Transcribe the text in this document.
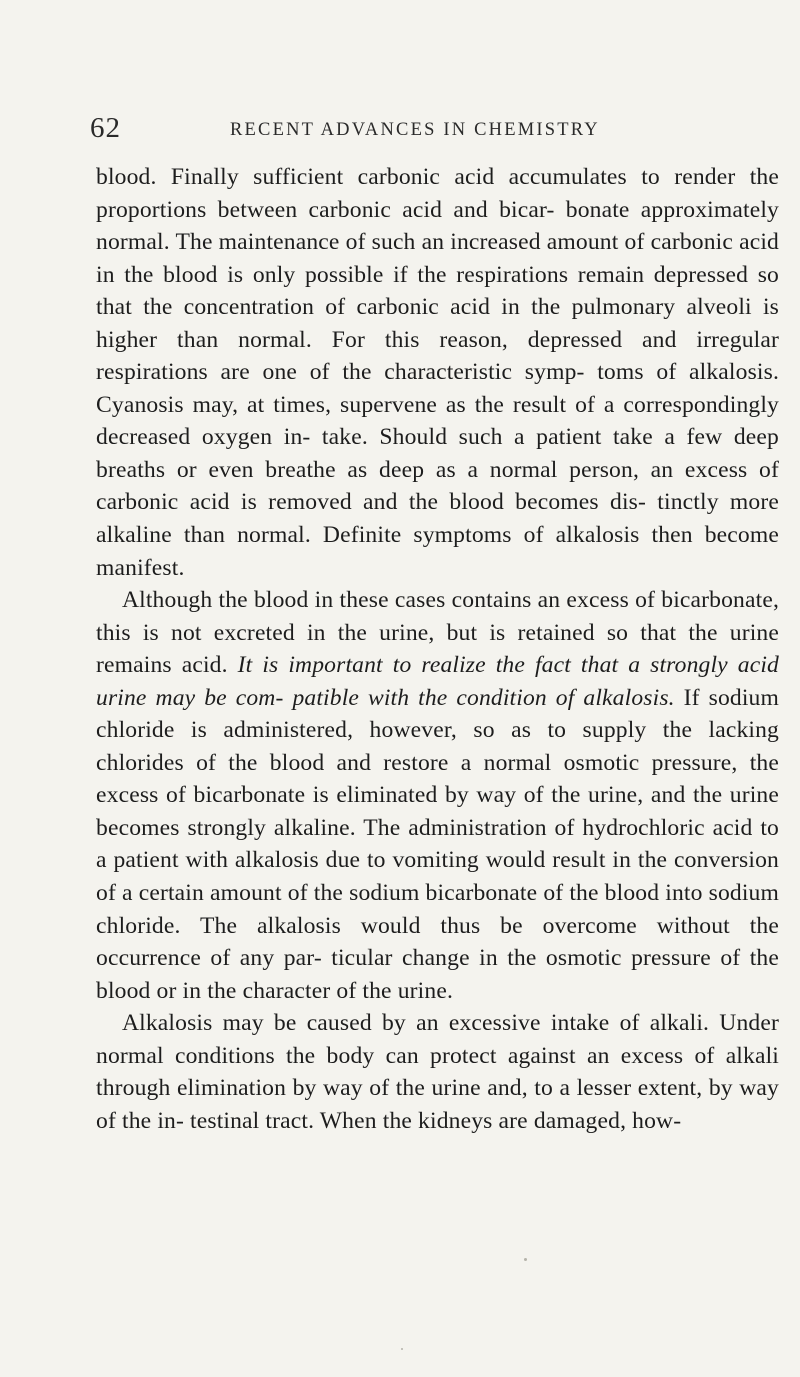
62	RECENT ADVANCES IN CHEMISTRY

blood. Finally sufficient carbonic acid accumulates to render the proportions between carbonic acid and bicar- bonate approximately normal. The maintenance of such an increased amount of carbonic acid in the blood is only possible if the respirations remain depressed so that the concentration of carbonic acid in the pulmonary alveoli is higher than normal. For this reason, depressed and irregular respirations are one of the characteristic symp- toms of alkalosis. Cyanosis may, at times, supervene as the result of a correspondingly decreased oxygen in- take. Should such a patient take a few deep breaths or even breathe as deep as a normal person, an excess of carbonic acid is removed and the blood becomes dis- tinctly more alkaline than normal. Definite symptoms of alkalosis then become manifest.

Although the blood in these cases contains an excess of bicarbonate, this is not excreted in the urine, but is retained so that the urine remains acid. It is important to realize the fact that a strongly acid urine may be com- patible with the condition of alkalosis. If sodium chloride is administered, however, so as to supply the lacking chlorides of the blood and restore a normal osmotic pressure, the excess of bicarbonate is eliminated by way of the urine, and the urine becomes strongly alkaline. The administration of hydrochloric acid to a patient with alkalosis due to vomiting would result in the conversion of a certain amount of the sodium bicarbonate of the blood into sodium chloride. The alkalosis would thus be overcome without the occurrence of any par- ticular change in the osmotic pressure of the blood or in the character of the urine.

Alkalosis may be caused by an excessive intake of alkali. Under normal conditions the body can protect against an excess of alkali through elimination by way of the urine and, to a lesser extent, by way of the in- testinal tract. When the kidneys are damaged, how-
